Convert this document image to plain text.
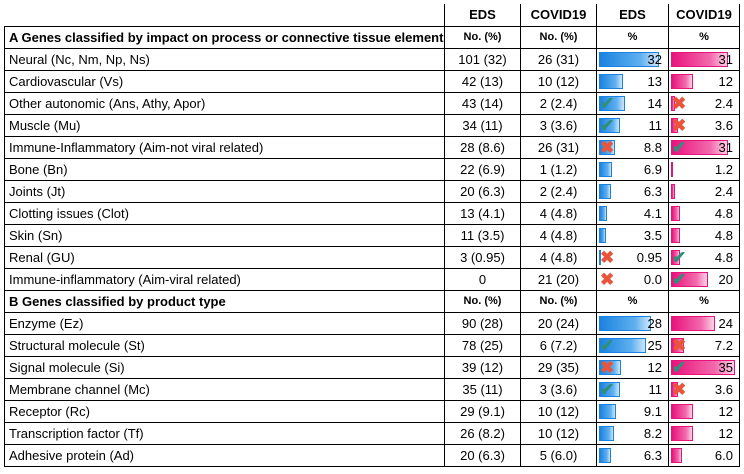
	EDS	COVID19	EDS	COVID19
A Genes classified by impact on process or connective tissue element	No. (%)	No. (%)	%	%
Neural (Nc, Nm, Np, Ns)	101 (32)	26 (31)	32	31

Cardiovascular (Vs)	42 (13)	10 (12)	13	12

Other autonomic (Ans, Athy, Apor)	43 (14)	2 (2.4)	✔ 14	✖ 2.4

Muscle (Mu)	34 (11)	3 (3.6)	✔ 11	✖ 3.6

Immune-Inflammatory (Aim-not viral related)	28 (8.6)	26 (31)	✖ 8.8	✔ 31

Bone (Bn)	22 (6.9)	1 (1.2)	6.9	1.2

Joints (Jt)	20 (6.3)	2 (2.4)	6.3	2.4

Clotting issues (Clot)	13 (4.1)	4 (4.8)	4.1	4.8

Skin (Sn)	11 (3.5)	4 (4.8)	3.5	4.8

Renal (GU)	3 (0.95)	4 (4.8)	✖ 0.95	✔ 4.8

Immune-inflammatory (Aim-viral related)	0	21 (20)	✖ 0.0	✔ 20

B Genes classified by product type	No. (%)	No. (%)	%	%
Enzyme (Ez)	90 (28)	20 (24)	28	24

Structural molecule (St)	78 (25)	6 (7.2)	✔ 25	✖ 7.2

Signal molecule (Si)	39 (12)	29 (35)	✖ 12	✔ 35

Membrane channel (Mc)	35 (11)	3 (3.6)	✔ 11	✖ 3.6

Receptor (Rc)	29 (9.1)	10 (12)	9.1	12

Transcription factor (Tf)	26 (8.2)	10 (12)	8.2	12

Adhesive protein (Ad)	20 (6.3)	5 (6.0)	6.3	6.0
